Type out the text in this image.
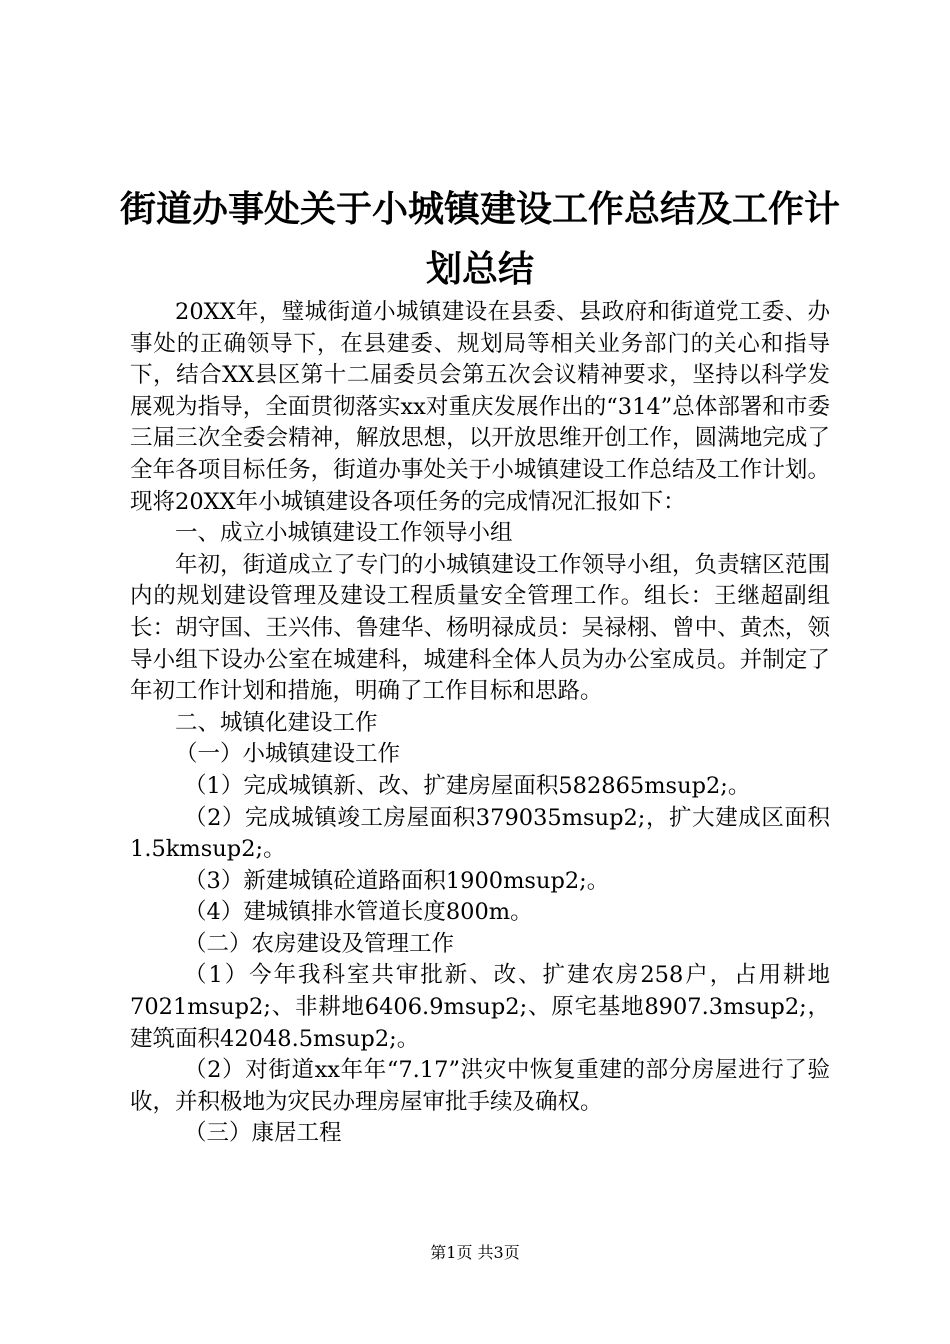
街道办事处关于小城镇建设工作总结及工作计
划总结

20XX年，璧城街道小城镇建设在县委、县政府和街道党工委、办事处的正确领导下，在县建委、规划局等相关业务部门的关心和指导下，结合XX县区第十二届委员会第五次会议精神要求，坚持以科学发展观为指导，全面贯彻落实xx对重庆发展作出的“314”总体部署和市委三届三次全委会精神，解放思想，以开放思维开创工作，圆满地完成了全年各项目标任务，街道办事处关于小城镇建设工作总结及工作计划。现将20XX年小城镇建设各项任务的完成情况汇报如下：

一、成立小城镇建设工作领导小组

年初，街道成立了专门的小城镇建设工作领导小组，负责辖区范围内的规划建设管理及建设工程质量安全管理工作。组长：王继超副组长：胡守国、王兴伟、鲁建华、杨明禄成员：吴禄栩、曾中、黄杰，领导小组下设办公室在城建科，城建科全体人员为办公室成员。并制定了年初工作计划和措施，明确了工作目标和思路。

二、城镇化建设工作

（一）小城镇建设工作

（1）完成城镇新、改、扩建房屋面积582865msup2;。

（2）完成城镇竣工房屋面积379035msup2;，扩大建成区面积1.5kmsup2;。

（3）新建城镇砼道路面积1900msup2;。

（4）建城镇排水管道长度800m。

（二）农房建设及管理工作

（1）今年我科室共审批新、改、扩建农房258户，占用耕地7021msup2;、非耕地6406.9msup2;、原宅基地8907.3msup2;，建筑面积42048.5msup2;。

（2）对街道xx年年“7.17”洪灾中恢复重建的部分房屋进行了验收，并积极地为灾民办理房屋审批手续及确权。

（三）康居工程

第1页 共3页
